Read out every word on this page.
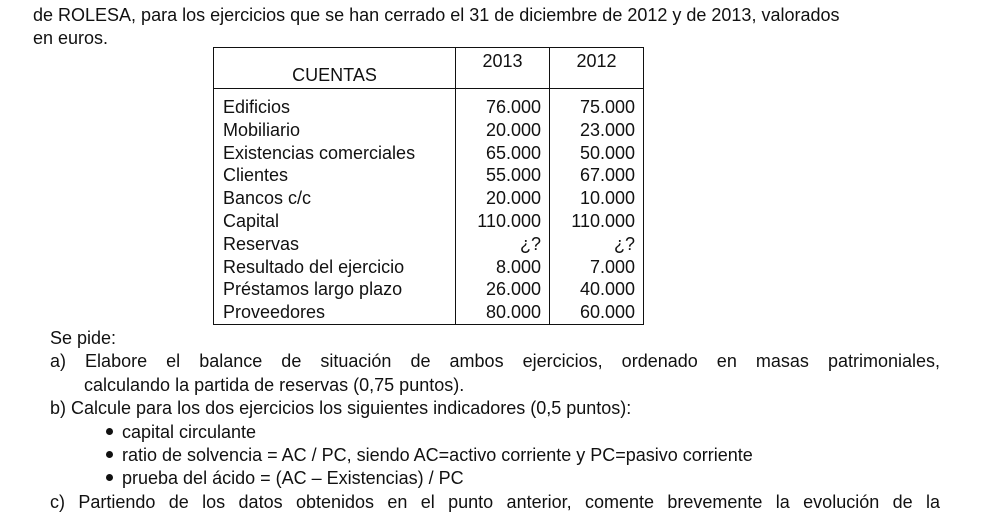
de ROLESA, para los ejercicios que se han cerrado el 31 de diciembre de 2012 y de 2013, valorados
en euros.
CUENTAS	2013	2012
Edificios	76.000	75.000
Mobiliario	20.000	23.000
Existencias comerciales	65.000	50.000
Clientes	55.000	67.000
Bancos c/c	20.000	10.000
Capital	110.000	110.000
Reservas	¿?	¿?
Resultado del ejercicio	8.000	7.000
Préstamos largo plazo	26.000	40.000
Proveedores	80.000	60.000
Se pide:
a) Elabore el balance de situación de ambos ejercicios, ordenado en masas patrimoniales,
calculando la partida de reservas (0,75 puntos).
b) Calcule para los dos ejercicios los siguientes indicadores (0,5 puntos):
capital circulante
ratio de solvencia = AC / PC, siendo AC=activo corriente y PC=pasivo corriente
prueba del ácido = (AC – Existencias) / PC
c) Partiendo de los datos obtenidos en el punto anterior, comente brevemente la evolución de la
